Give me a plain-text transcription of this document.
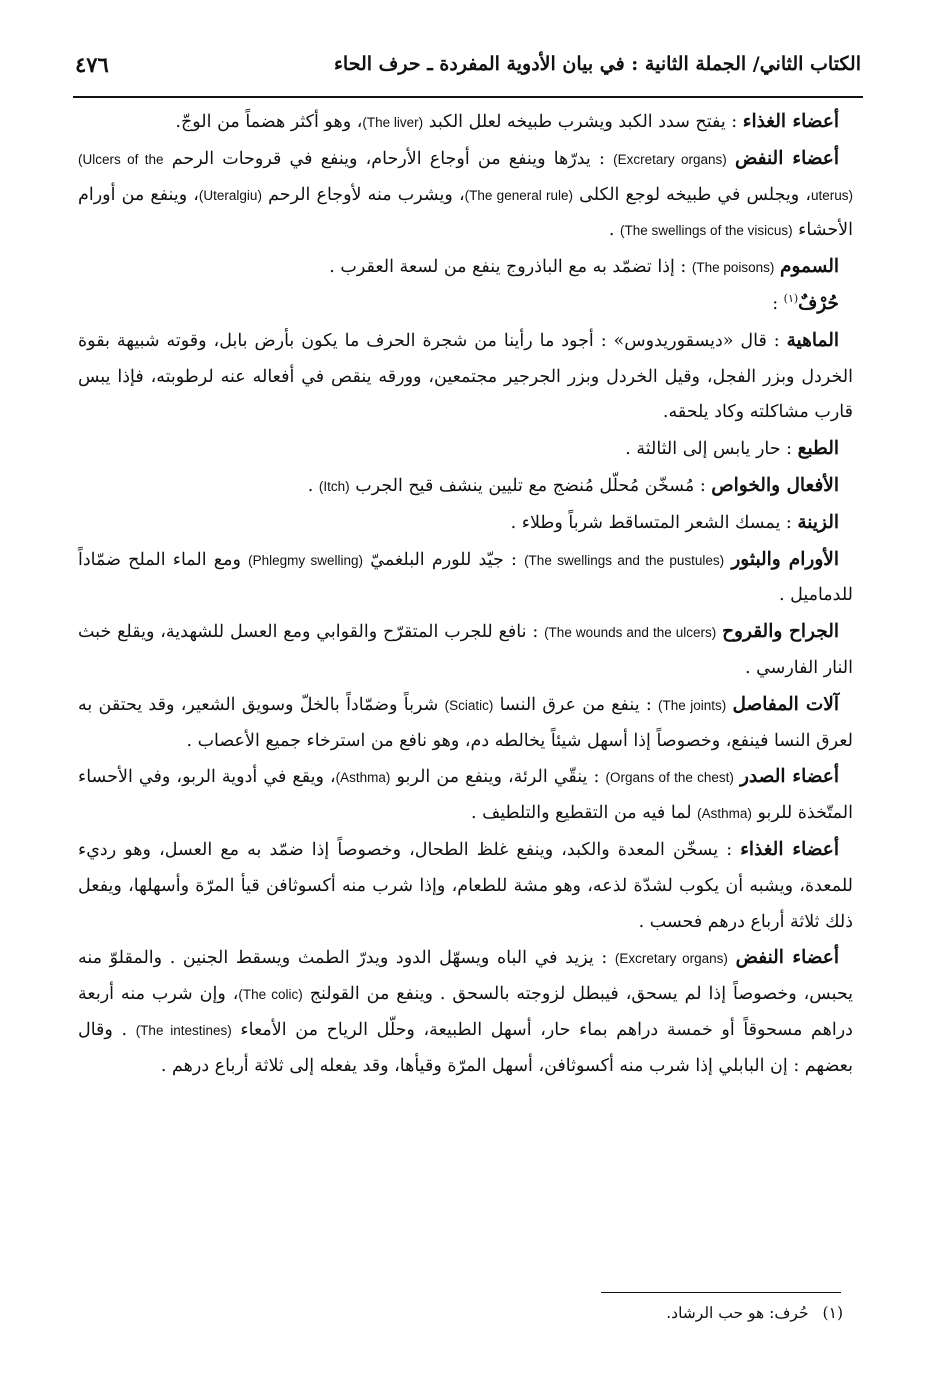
الكتاب الثاني/ الجملة الثانية : في بيان الأدوية المفردة ـ حرف الحاء
٤٧٦

أعضاء الغذاء : يفتح سدد الكبد ويشرب طبيخه لعلل الكبد (The liver)، وهو أكثر هضماً من الوجّ.

أعضاء النفض (Excretary organs) : يدرّها وينفع من أوجاع الأرحام، وينفع في قروحات الرحم (Ulcers of the uterus)، ويجلس في طبيخه لوجع الكلى (The general rule)، ويشرب منه لأوجاع الرحم (Uteralgiu)، وينفع من أورام الأحشاء (The swellings of the visicus) .

السموم (The poisons) : إذا تضمّد به مع الباذروج ينفع من لسعة العقرب .

حُرْفٌ$^{(١)}$ :

الماهية : قال «ديسقوريدوس» : أجود ما رأينا من شجرة الحرف ما يكون بأرض بابل، وقوته شبيهة بقوة الخردل وبزر الفجل، وقيل الخردل وبزر الجرجير مجتمعين، وورقه ينقص في أفعاله عنه لرطوبته، فإذا يبس قارب مشاكلته وكاد يلحقه.

الطبع : حار يابس إلى الثالثة .

الأفعال والخواص : مُسخّن مُحلّل مُنضج مع تليين ينشف قيح الجرب (Itch) .

الزينة : يمسك الشعر المتساقط شرباً وطلاء .

الأورام والبثور (The swellings and the pustules) : جيّد للورم البلغميّ (Phlegmy swelling) ومع الماء الملح ضمّاداً للدماميل .

الجراح والقروح (The wounds and the ulcers) : نافع للجرب المتقرّح والقوابي ومع العسل للشهدية، ويقلع خبث النار الفارسي .

آلات المفاصل (The joints) : ينفع من عرق النسا (Sciatic) شرباً وضمّاداً بالخلّ وسويق الشعير، وقد يحتقن به لعرق النسا فينفع، وخصوصاً إذا أسهل شيئاً يخالطه دم، وهو نافع من استرخاء جميع الأعصاب .

أعضاء الصدر (Organs of the chest) : ينقّي الرئة، وينفع من الربو (Asthma)، ويقع في أدوية الربو، وفي الأحساء المتّخذة للربو (Asthma) لما فيه من التقطيع والتلطيف .

أعضاء الغذاء : يسخّن المعدة والكبد، وينفع غلظ الطحال، وخصوصاً إذا ضمّد به مع العسل، وهو رديء للمعدة، ويشبه أن يكوب لشدّة لذعه، وهو مشة للطعام، وإذا شرب منه أكسوثافن قيأ المرّة وأسهلها، ويفعل ذلك ثلاثة أرباع درهم فحسب .

أعضاء النفض (Excretary organs) : يزيد في الباه ويسهّل الدود ويدرّ الطمث ويسقط الجنين . والمقلوّ منه يحبس، وخصوصاً إذا لم يسحق، فيبطل لزوجته بالسحق . وينفع من القولنج (The colic)، وإن شرب منه أربعة دراهم مسحوقاً أو خمسة دراهم بماء حار، أسهل الطبيعة، وحلّل الرياح من الأمعاء (The intestines) . وقال بعضهم : إن البابلي إذا شرب منه أكسوثافن، أسهل المرّة وقيأها، وقد يفعله إلى ثلاثة أرباع درهم .

(١)حُرف: هو حب الرشاد.
